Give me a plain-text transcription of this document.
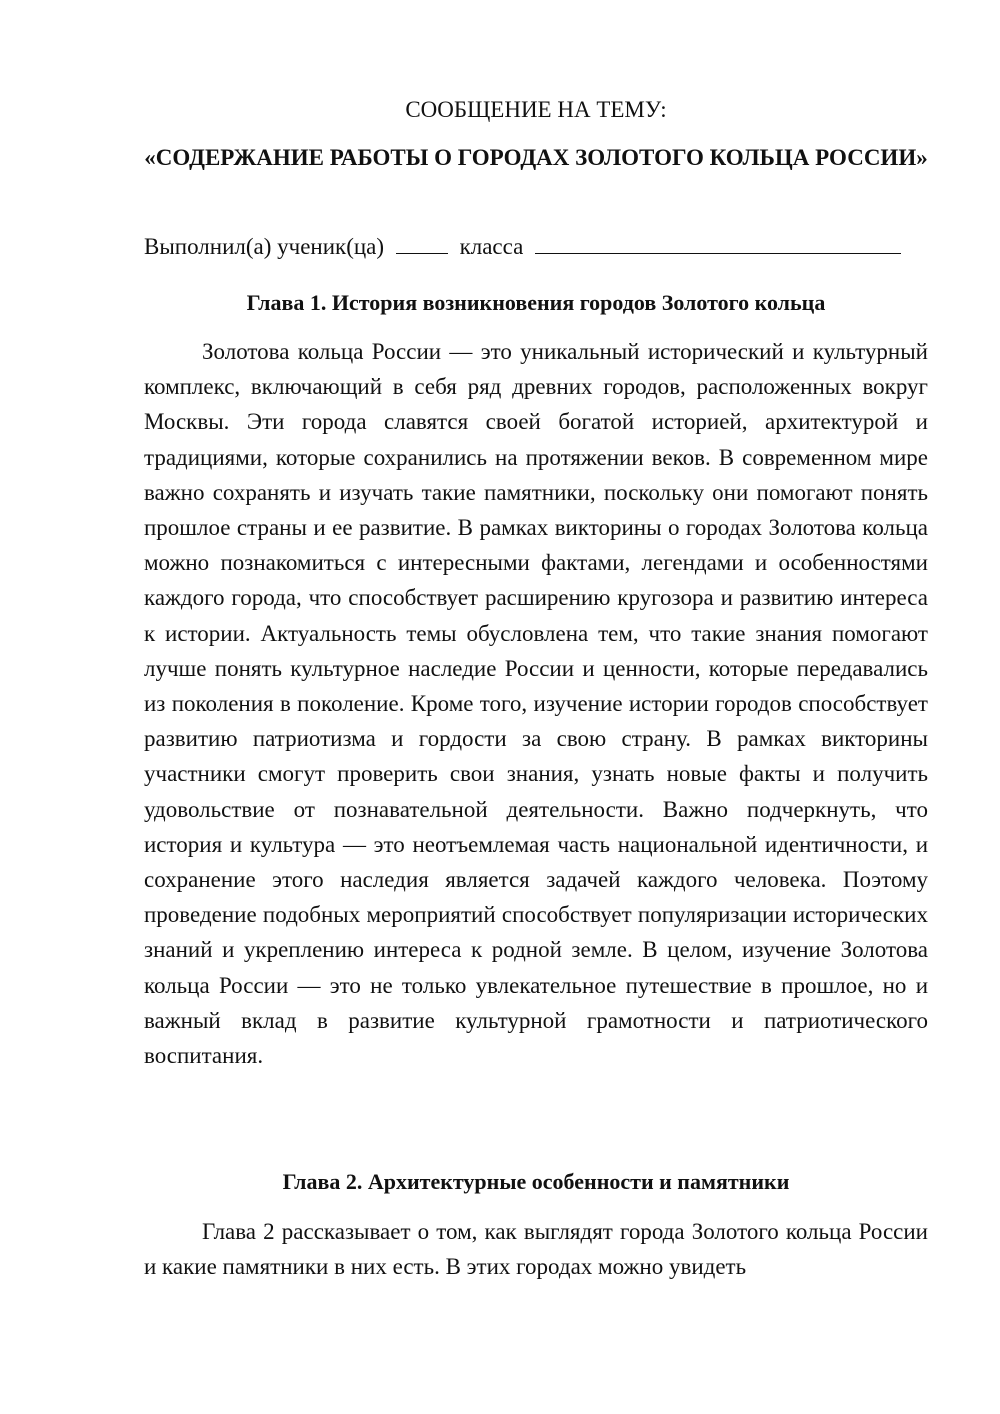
СООБЩЕНИЕ НА ТЕМУ:
«СОДЕРЖАНИЕ РАБОТЫ О ГОРОДАХ ЗОЛОТОГО КОЛЬЦА РОССИИ»
Выполнил(а) ученик(ца)	класса
Глава 1. История возникновения городов Золотого кольца

Золотова кольца России — это уникальный исторический и культурный комплекс, включающий в себя ряд древних городов, расположенных вокруг Москвы. Эти города славятся своей богатой историей, архитектурой и традициями, которые сохранились на протяжении веков. В современном мире важно сохранять и изучать такие памятники, поскольку они помогают понять прошлое страны и ее развитие. В рамках викторины о городах Золотова кольца можно познакомиться с интересными фактами, легендами и особенностями каждого города, что способствует расширению кругозора и развитию интереса к истории. Актуальность темы обусловлена тем, что такие знания помогают лучше понять культурное наследие России и ценности, которые передавались из поколения в поколение. Кроме того, изучение истории городов способствует развитию патриотизма и гордости за свою страну. В рамках викторины участники смогут проверить свои знания, узнать новые факты и получить удовольствие от познавательной деятельности. Важно подчеркнуть, что история и культура — это неотъемлемая часть национальной идентичности, и сохранение этого наследия является задачей каждого человека. Поэтому проведение подобных мероприятий способствует популяризации исторических знаний и укреплению интереса к родной земле. В целом, изучение Золотова кольца России — это не только увлекательное путешествие в прошлое, но и важный вклад в развитие культурной грамотности и патриотического воспитания.

Глава 2. Архитектурные особенности и памятники

Глава 2 рассказывает о том, как выглядят города Золотого кольца России и какие памятники в них есть. В этих городах можно увидеть
